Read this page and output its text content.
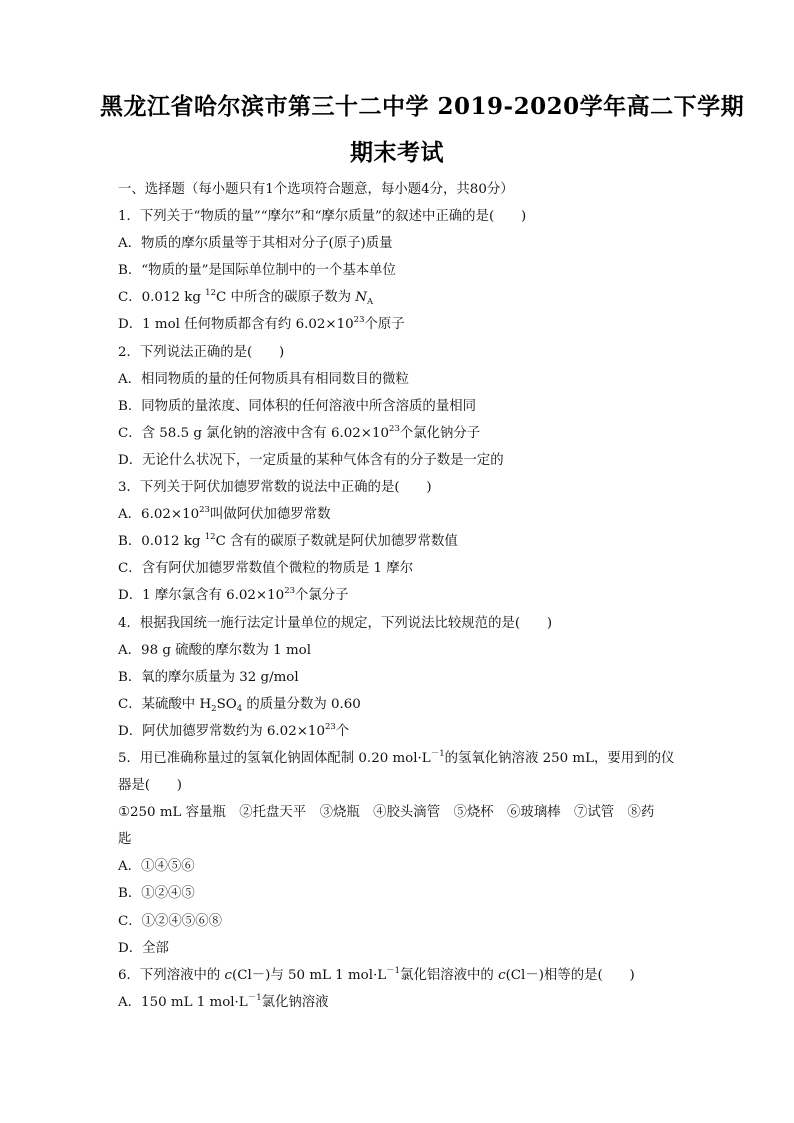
黑龙江省哈尔滨市第三十二中学 2019-2020学年高二下学期
期末考试
一、选择题（每小题只有1个选项符合题意，每小题4分，共80分）
1．下列关于“物质的量”“摩尔”和“摩尔质量”的叙述中正确的是(　　)
A．物质的摩尔质量等于其相对分子(原子)质量
B．“物质的量”是国际单位制中的一个基本单位
C．0.012 kg $^{12}$C 中所含的碳原子数为 $N_A$
D．1 mol 任何物质都含有约 $6.02\times 10^{23}$个原子
2．下列说法正确的是(　　)
A．相同物质的量的任何物质具有相同数目的微粒
B．同物质的量浓度、同体积的任何溶液中所含溶质的量相同
C．含 58.5 g 氯化钠的溶液中含有 $6.02\times 10^{23}$个氯化钠分子
D．无论什么状况下，一定质量的某种气体含有的分子数是一定的
3．下列关于阿伏加德罗常数的说法中正确的是(　　)
A．$6.02\times 10^{23}$叫做阿伏加德罗常数
B．0.012 kg $^{12}$C 含有的碳原子数就是阿伏加德罗常数值
C．含有阿伏加德罗常数值个微粒的物质是 1 摩尔
D．1 摩尔氯含有 $6.02\times 10^{23}$个氯分子
4．根据我国统一施行法定计量单位的规定，下列说法比较规范的是(　　)
A．98 g 硫酸的摩尔数为 1 mol
B．氧的摩尔质量为 32 g/mol
C．某硫酸中 $H_2SO_4$ 的质量分数为 0.60
D．阿伏加德罗常数约为 $6.02\times 10^{23}$个
5．用已准确称量过的氢氧化钠固体配制 0.20 $mol\cdot L^{-1}$的氢氧化钠溶液 250 mL，要用到的仪
器是(　　)
①250 mL 容量瓶　②托盘天平　③烧瓶　④胶头滴管　⑤烧杯　⑥玻璃棒　⑦试管　⑧药
匙
A．①④⑤⑥
B．①②④⑤
C．①②④⑤⑥⑧
D．全部
6．下列溶液中的 c(Cl－)与 50 mL 1 $mol\cdot L^{-1}$氯化铝溶液中的 c(Cl－)相等的是(　　)
A．150 mL 1 $mol\cdot L^{-1}$氯化钠溶液
